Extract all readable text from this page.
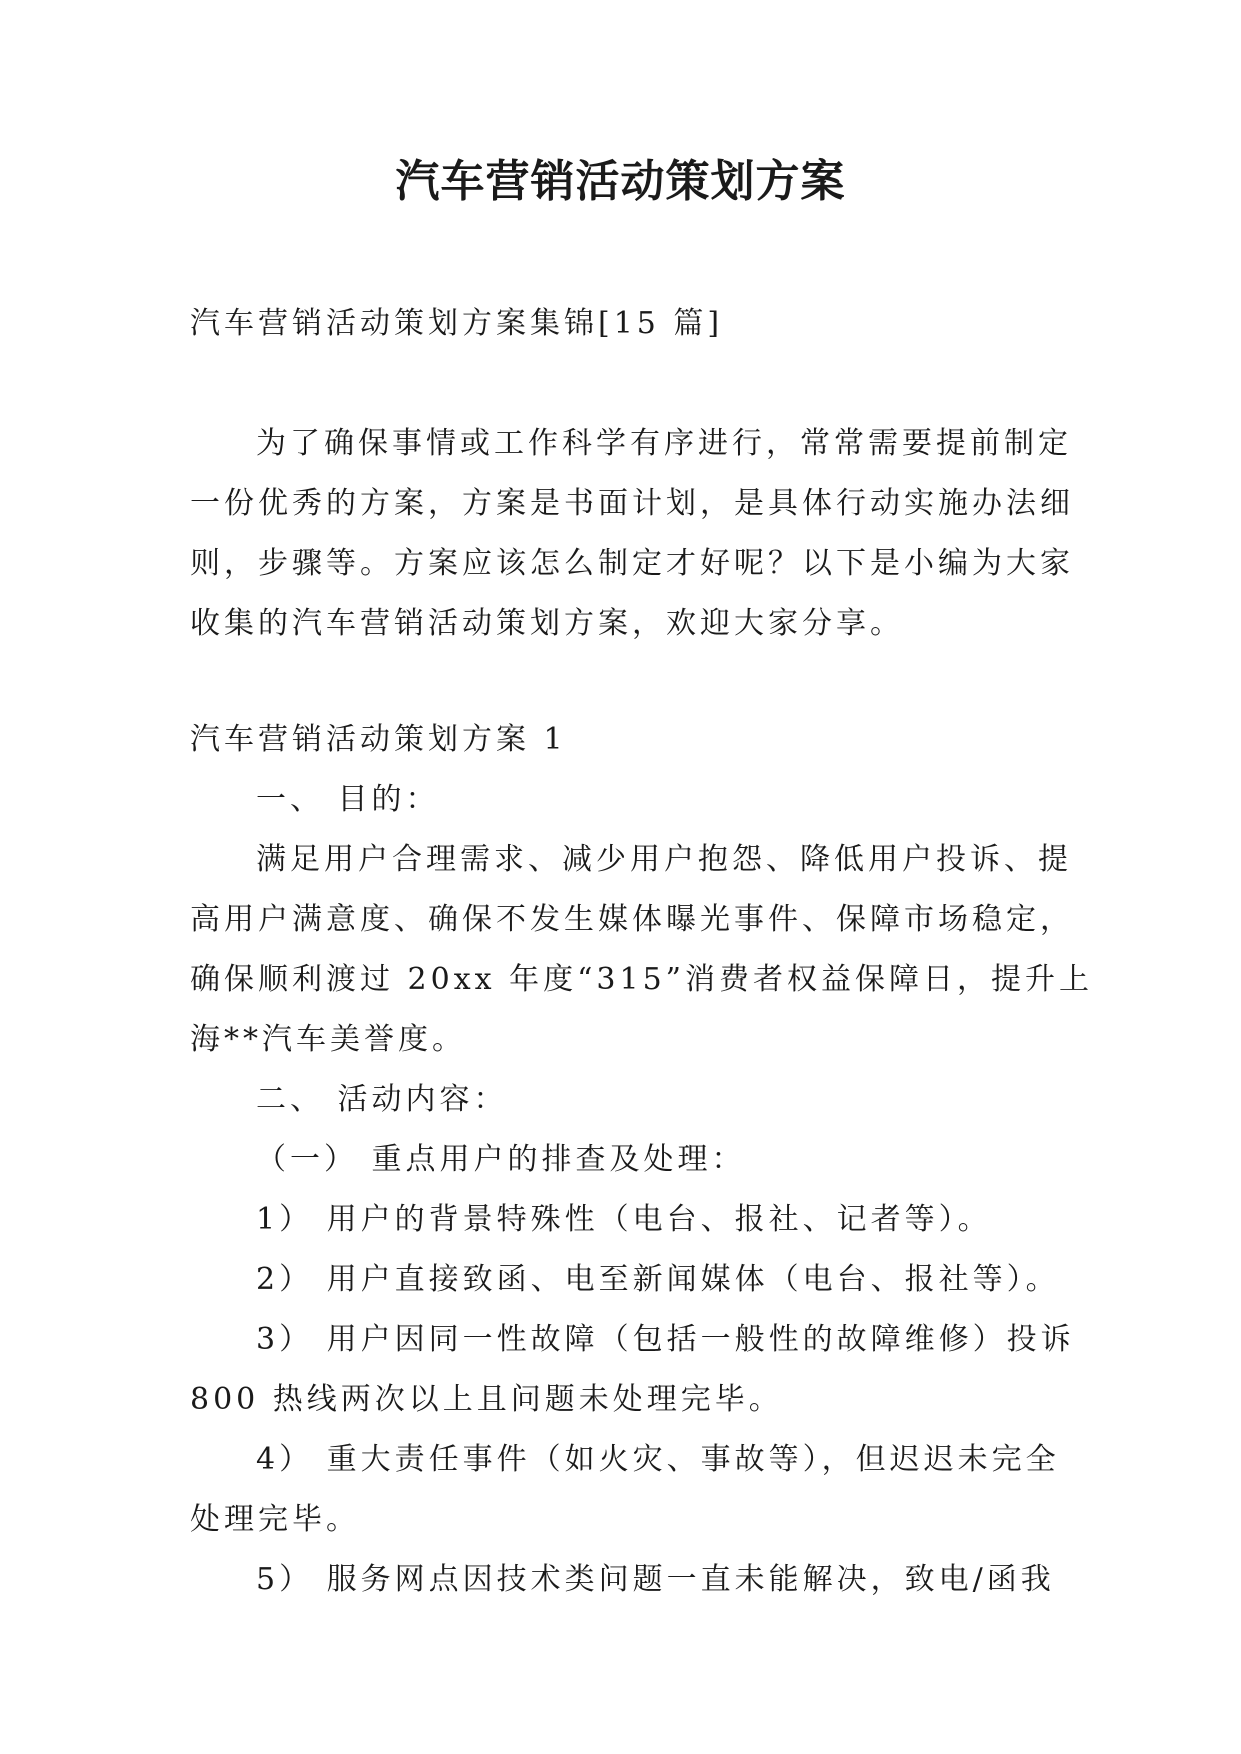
汽车营销活动策划方案
汽车营销活动策划方案集锦[15 篇]
为了确保事情或工作科学有序进行，常常需要提前制定
一份优秀的方案，方案是书面计划，是具体行动实施办法细
则，步骤等。方案应该怎么制定才好呢？以下是小编为大家
收集的汽车营销活动策划方案，欢迎大家分享。
汽车营销活动策划方案 1
一、 目的：
满足用户合理需求、减少用户抱怨、降低用户投诉、提
高用户满意度、确保不发生媒体曝光事件、保障市场稳定，
确保顺利渡过 20xx 年度“315”消费者权益保障日，提升上
海**汽车美誉度。
二、 活动内容：
（一） 重点用户的排查及处理：
1） 用户的背景特殊性（电台、报社、记者等）。
2） 用户直接致函、电至新闻媒体（电台、报社等）。
3） 用户因同一性故障（包括一般性的故障维修）投诉
800 热线两次以上且问题未处理完毕。
4） 重大责任事件（如火灾、事故等），但迟迟未完全
处理完毕。
5） 服务网点因技术类问题一直未能解决，致电/函我
